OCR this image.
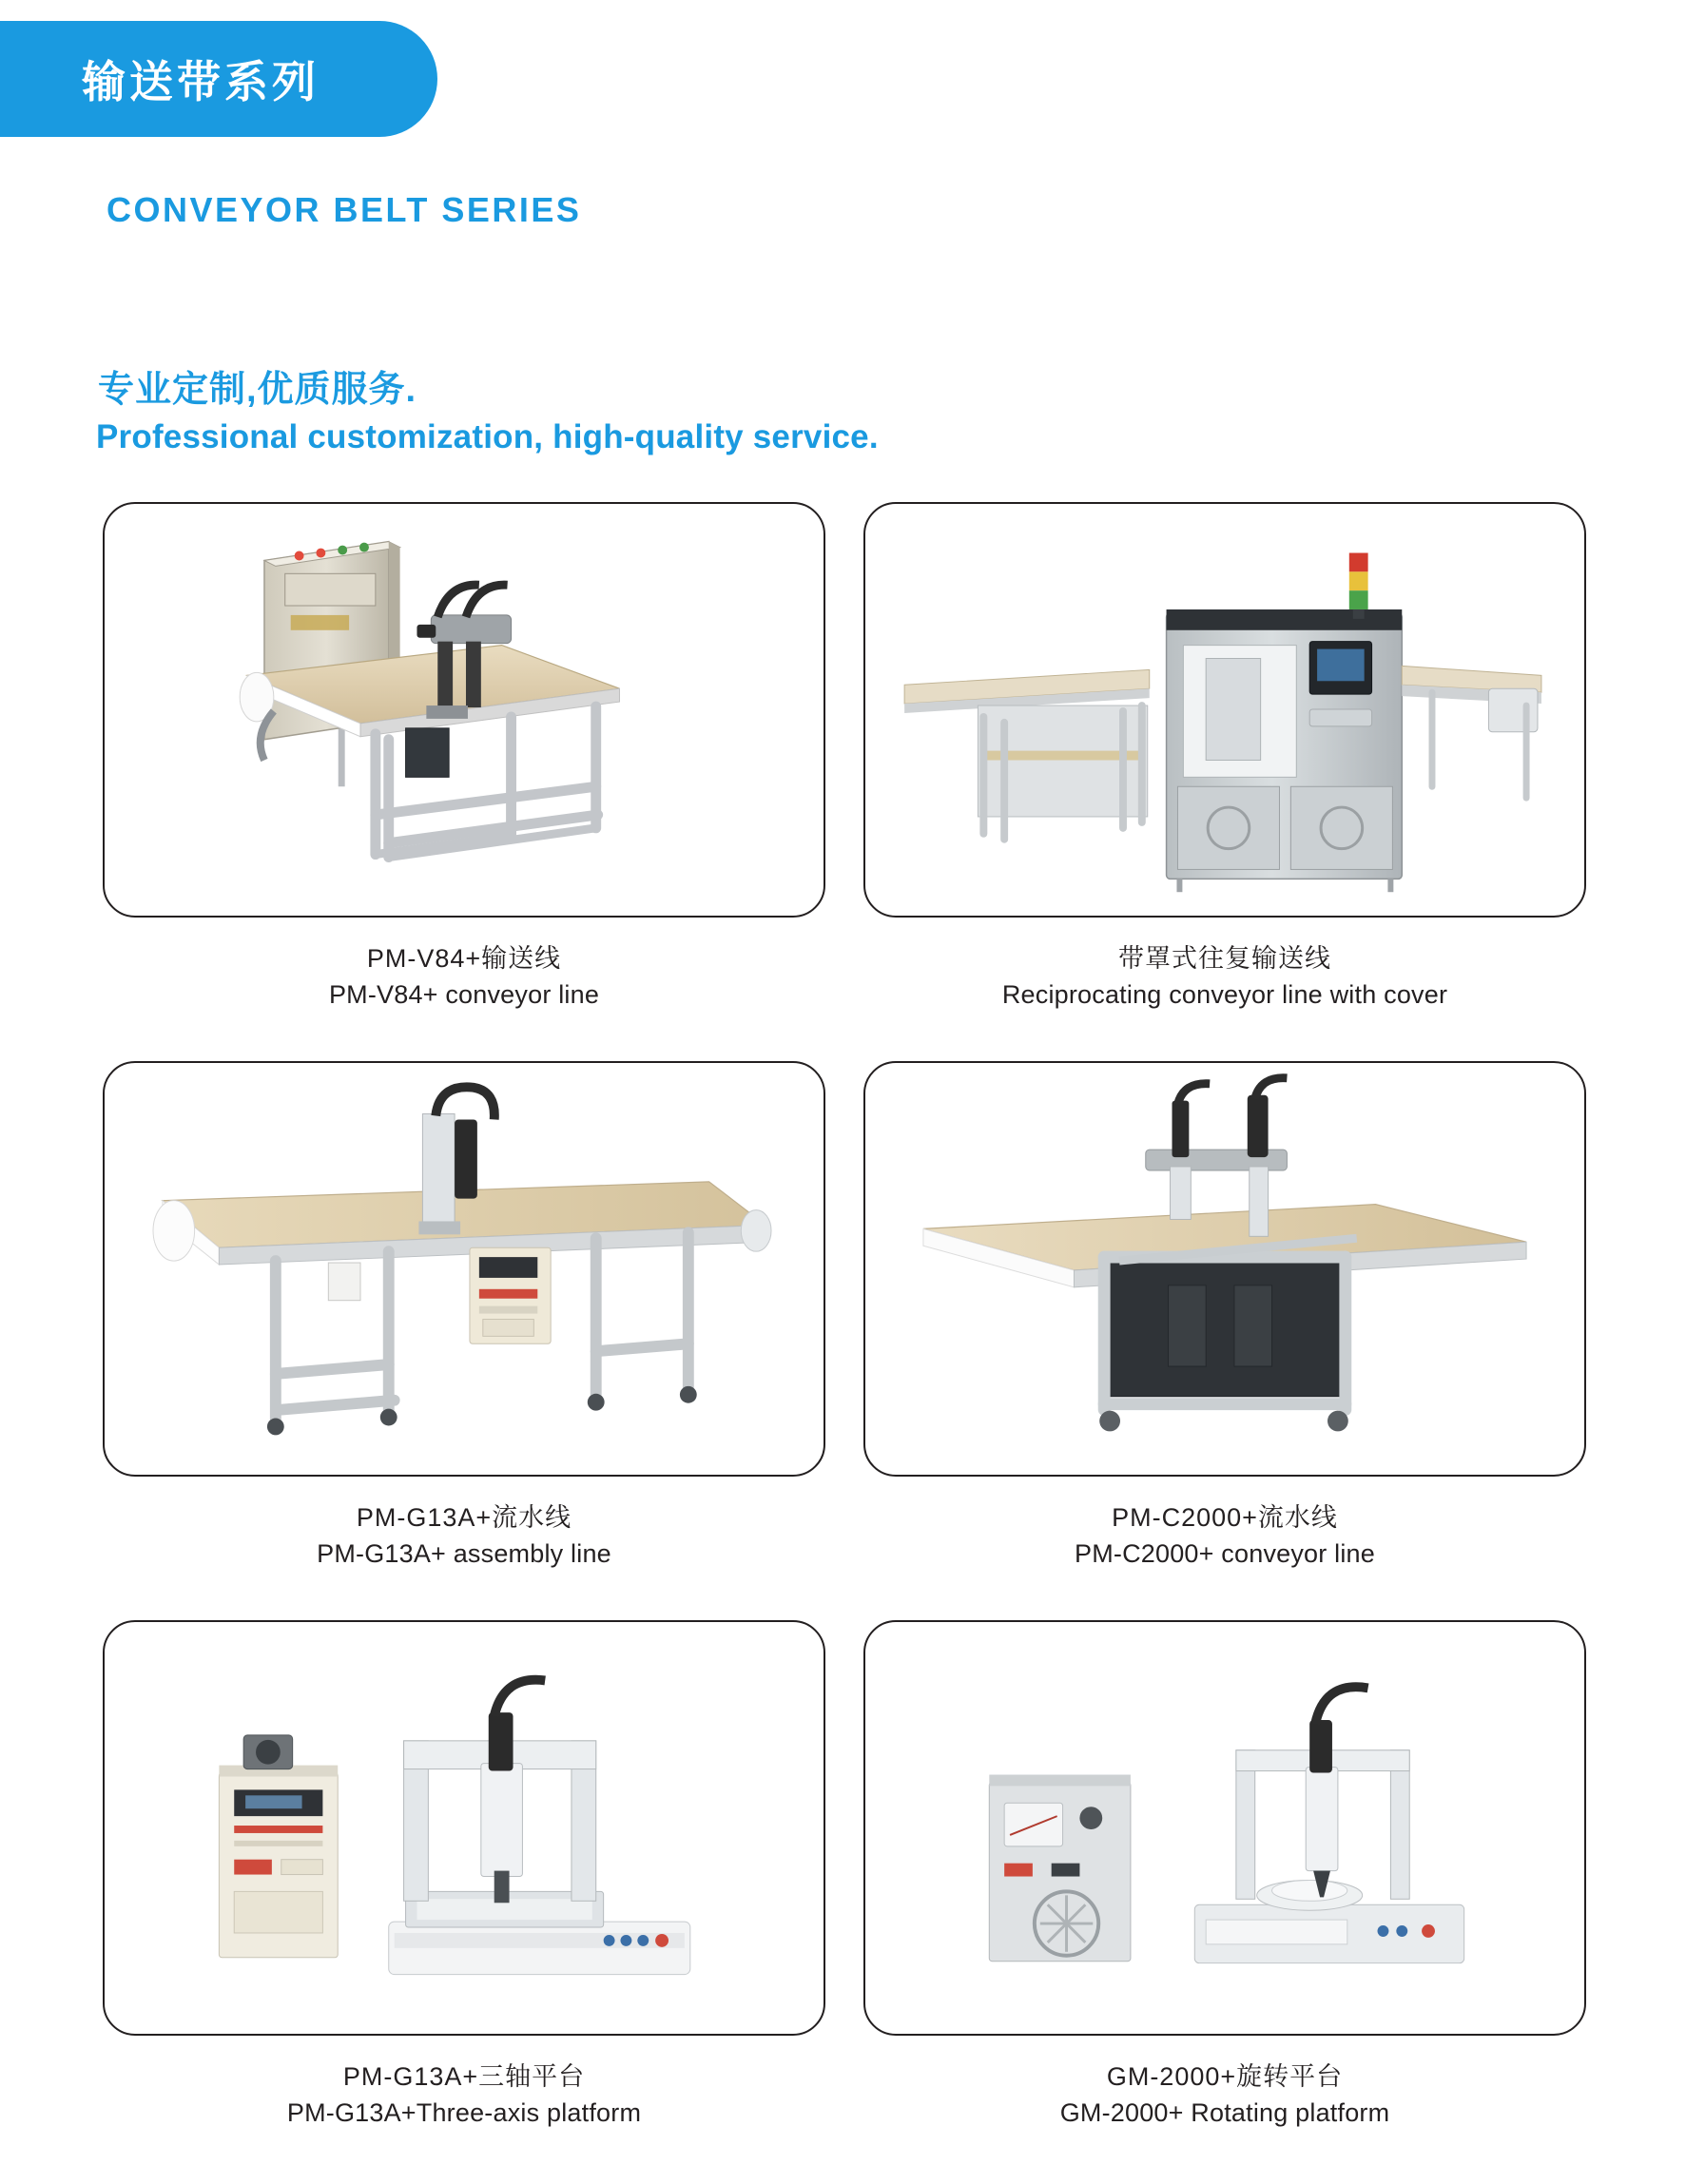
输送带系列
CONVEYOR BELT SERIES
专业定制,优质服务.
Professional customization, high-quality service.
PM-V84+输送线
PM-V84+ conveyor line
带罩式往复输送线
Reciprocating conveyor line with cover
PM-G13A+流水线
PM-G13A+ assembly line
PM-C2000+流水线
PM-C2000+ conveyor line
PM-G13A+三轴平台
PM-G13A+Three-axis platform
GM-2000+旋转平台
GM-2000+ Rotating platform
